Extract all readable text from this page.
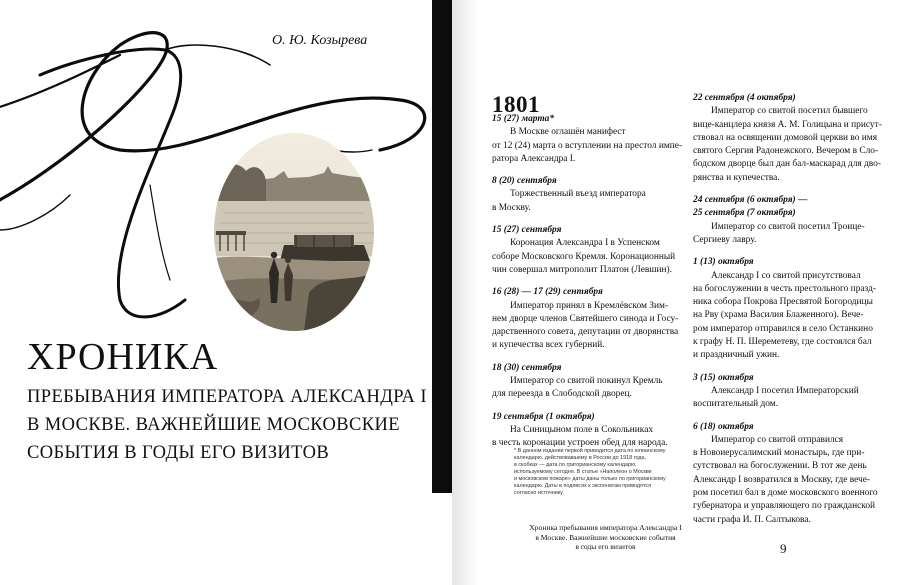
О. Ю. Козырева
ХРОНИКА
ПРЕБЫВАНИЯ ИМПЕРАТОРА АЛЕКСАНДРА I
В МОСКВЕ. ВАЖНЕЙШИЕ МОСКОВСКИЕ
СОБЫТИЯ В ГОДЫ ЕГО ВИЗИТОВ
1801
15 (27) марта*
В Москве оглашён манифест
от 12 (24) марта о вступлении на престол импе-
ратора Александра I.
8 (20) сентября
Торжественный въезд императора
в Москву.
15 (27) сентября
Коронация Александра I в Успенском
соборе Московского Кремля. Коронационный
чин совершал митрополит Платон (Левшин).
16 (28) — 17 (29) сентября
Император принял в Кремлёвском Зим-
нем дворце членов Святейшего синода и Госу-
дарственного совета, депутации от дворянства
и купечества всех губерний.
18 (30) сентября
Император со свитой покинул Кремль
для переезда в Слободской дворец.
19 сентября (1 октября)
На Синицыном поле в Сокольниках
в честь коронации устроен обед для народа.
22 сентября (4 октября)
Император со свитой посетил бывшего
вице-канцлера князя А. М. Голицына и присут-
ствовал на освящении домовой церкви во имя
святого Сергия Радонежского. Вечером в Сло-
бодском дворце был дан бал-маскарад для дво-
рянства и купечества.
24 сентября (6 октября) —
25 сентября (7 октября)
Император со свитой посетил Троице-
Сергиеву лавру.
1 (13) октября
Александр I со свитой присутствовал
на богослужении в честь престольного празд-
ника собора Покрова Пресвятой Богородицы
на Рву (храма Василия Блаженного). Вечe-
ром император отправился в село Останкино
к графу Н. П. Шереметеву, где состоялся бал
и праздничный ужин.
3 (15) октября
Александр I посетил Императорский
воспитательный дом.
6 (18) октября
Император со свитой отправился
в Новоиерусалимский монастырь, где при-
сутствовал на богослужении. В тот же день
Александр I возвратился в Москву, где вече-
ром посетил бал в доме московского военного
губернатора и управляющего по гражданской
части графа И. П. Салтыкова.
* В данном издании первой приводится дата по юлианскому
календарю, действовавшему в России до 1918 года,
в скобках — дата по григорианскому календарю,
используемому сегодня. В статье «Наполеон о Москве
и московском пожаре» даты даны только по григорианскому
календарю. Даты в подписях к экспонатам приводятся
согласно источнику.
Хроника пребывания императора Александра I
в Москве. Важнейшие московские события
в годы его визитов	9
